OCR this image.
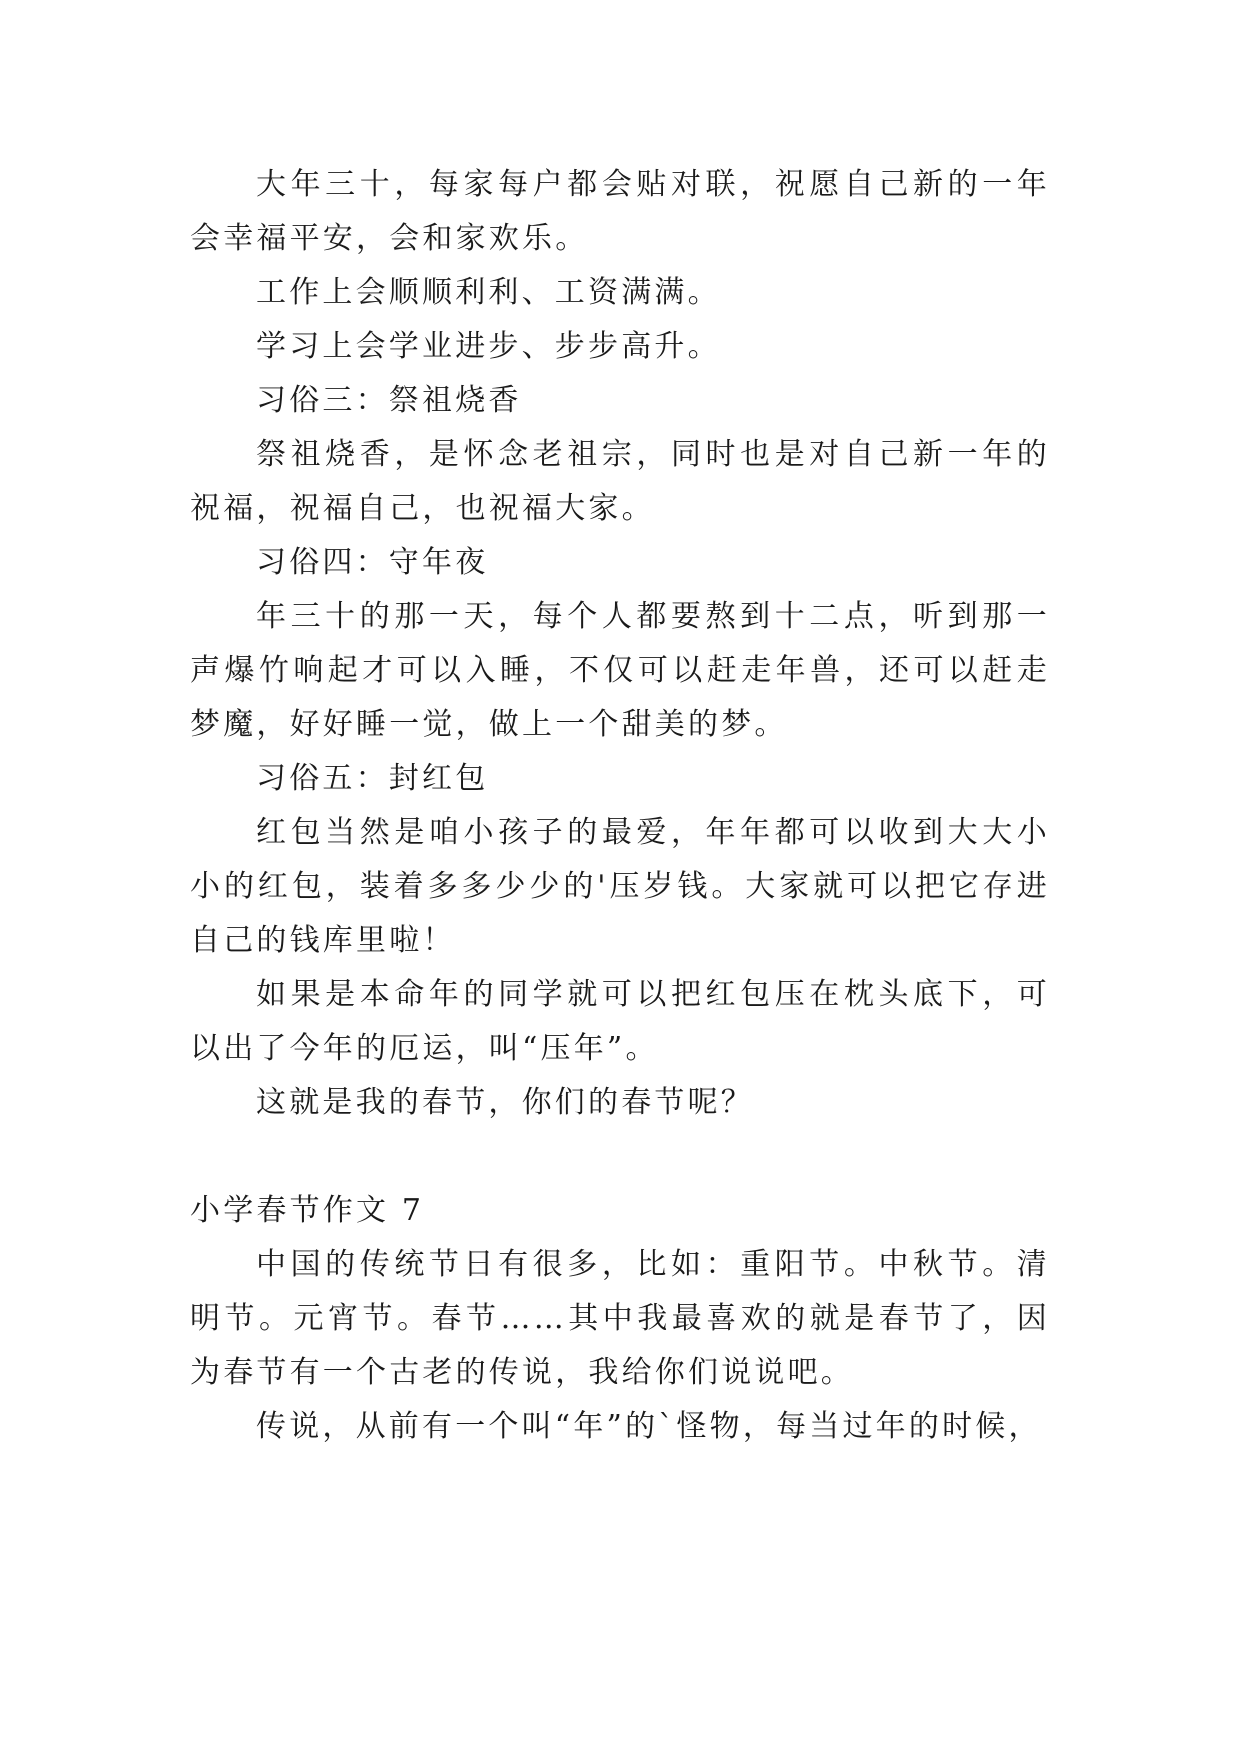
大年三十，每家每户都会贴对联，祝愿自己新的一年会幸福平安，会和家欢乐。

工作上会顺顺利利、工资满满。

学习上会学业进步、步步高升。

习俗三：祭祖烧香

祭祖烧香，是怀念老祖宗，同时也是对自己新一年的祝福，祝福自己，也祝福大家。

习俗四：守年夜

年三十的那一天，每个人都要熬到十二点，听到那一声爆竹响起才可以入睡，不仅可以赶走年兽，还可以赶走梦魔，好好睡一觉，做上一个甜美的梦。

习俗五：封红包

红包当然是咱小孩子的最爱，年年都可以收到大大小小的红包，装着多多少少的'压岁钱。大家就可以把它存进自己的钱库里啦！

如果是本命年的同学就可以把红包压在枕头底下，可以出了今年的厄运，叫“压年”。

这就是我的春节，你们的春节呢？

小学春节作文 7

中国的传统节日有很多，比如：重阳节。中秋节。清明节。元宵节。春节……其中我最喜欢的就是春节了，因为春节有一个古老的传说，我给你们说说吧。

传说，从前有一个叫“年”的`怪物，每当过年的时候，
